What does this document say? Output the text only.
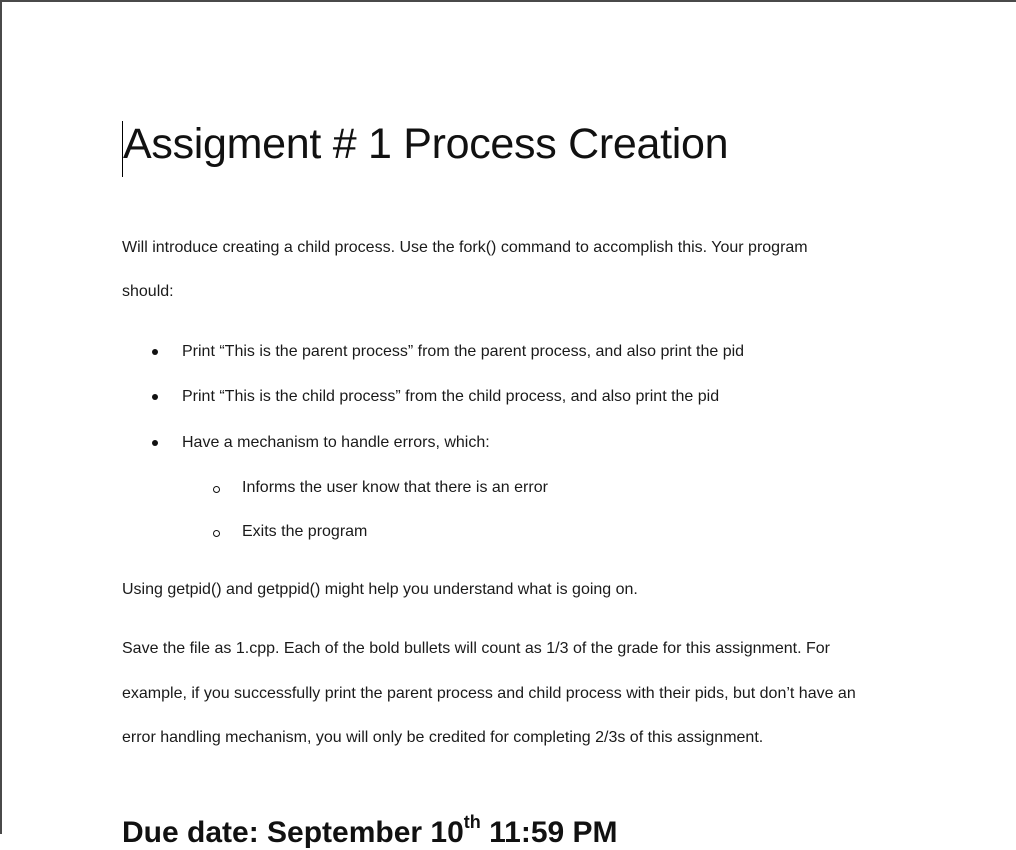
Assigment # 1 Process Creation
Will introduce creating a child process. Use the fork() command to accomplish this. Your program
should:
Print “This is the parent process” from the parent process, and also print the pid
Print “This is the child process” from the child process, and also print the pid
Have a mechanism to handle errors, which:
Informs the user know that there is an error
Exits the program
Using getpid() and getppid() might help you understand what is going on.
Save the file as 1.cpp. Each of the bold bullets will count as 1/3 of the grade for this assignment. For
example, if you successfully print the parent process and child process with their pids, but don’t have an
error handling mechanism, you will only be credited for completing 2/3s of this assignment.
Due date: September 10th 11:59 PM
